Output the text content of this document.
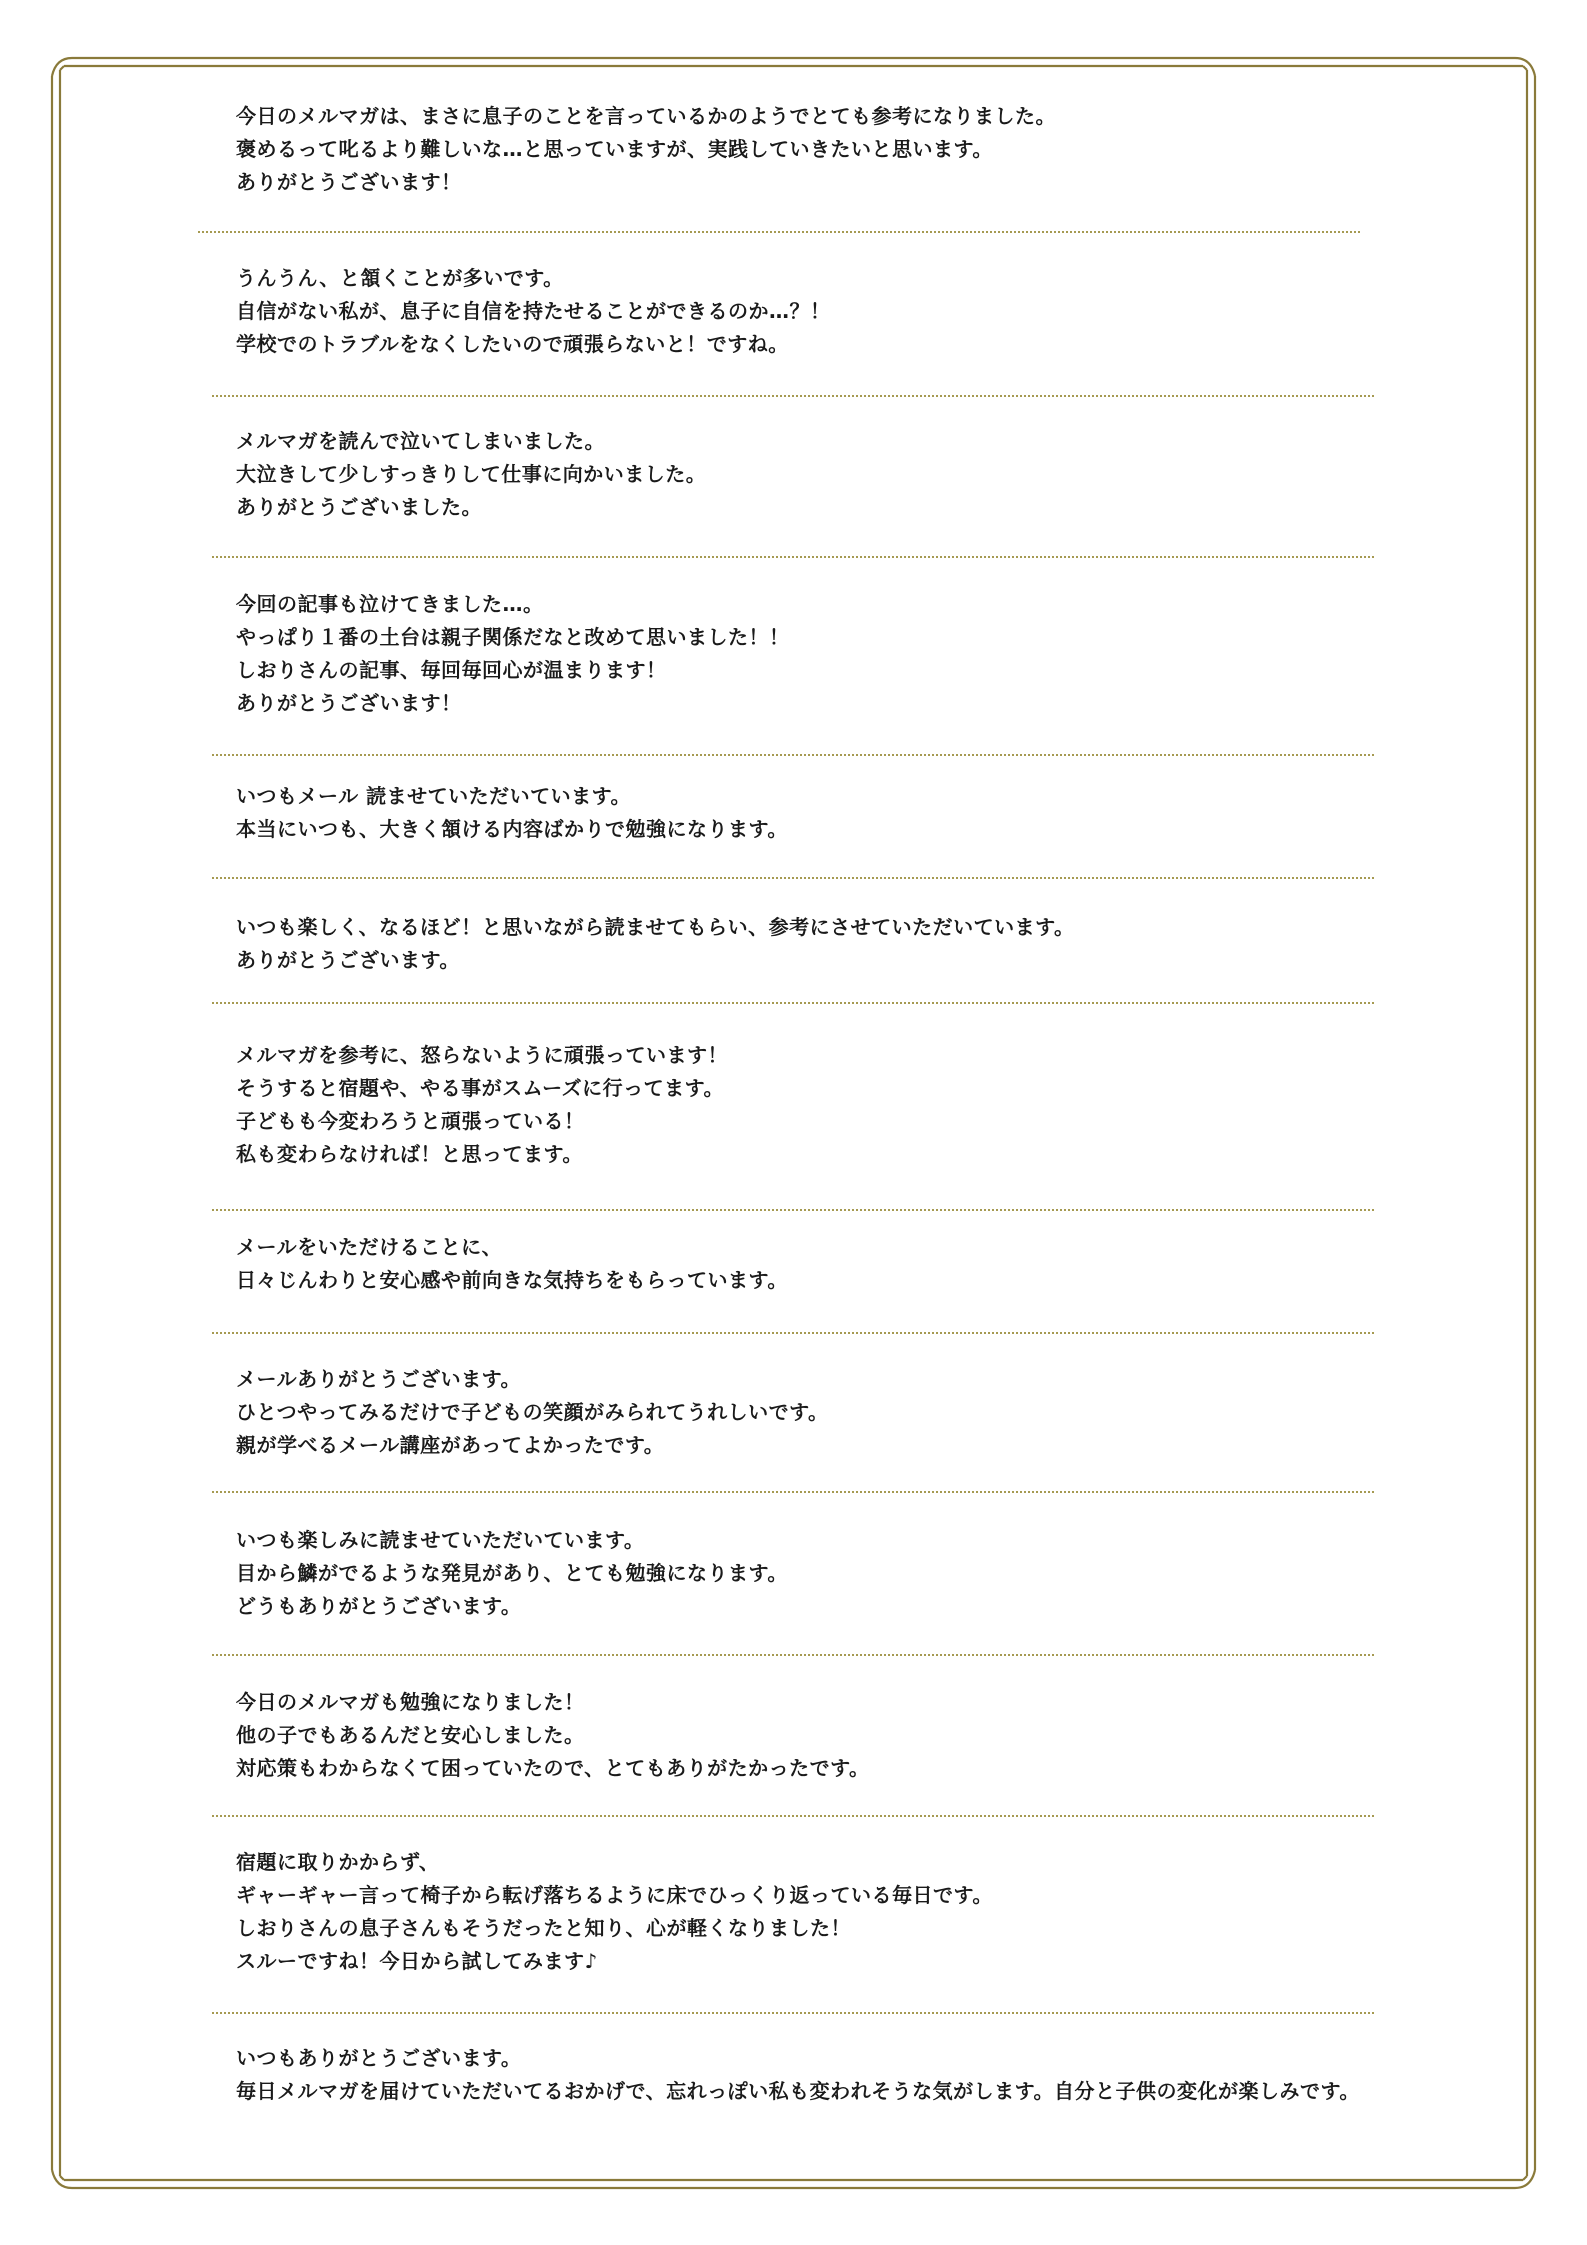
今日のメルマガは、まさに息子のことを言っているかのようでとても参考になりました。
褒めるって叱るより難しいな…と思っていますが、実践していきたいと思います。
ありがとうございます！
うんうん、と頷くことが多いです。
自信がない私が、息子に自信を持たせることができるのか…？！
学校でのトラブルをなくしたいので頑張らないと！ですね。
メルマガを読んで泣いてしまいました。
大泣きして少しすっきりして仕事に向かいました。
ありがとうございました。
今回の記事も泣けてきました…。
やっぱり１番の土台は親子関係だなと改めて思いました！！
しおりさんの記事、毎回毎回心が温まります！
ありがとうございます！
いつもメール 読ませていただいています。
本当にいつも、大きく頷ける内容ばかりで勉強になります。
いつも楽しく、なるほど！と思いながら読ませてもらい、参考にさせていただいています。
ありがとうございます。
メルマガを参考に、怒らないように頑張っています！
そうすると宿題や、やる事がスムーズに行ってます。
子どもも今変わろうと頑張っている！
私も変わらなければ！と思ってます。
メールをいただけることに、
日々じんわりと安心感や前向きな気持ちをもらっています。
メールありがとうございます。
ひとつやってみるだけで子どもの笑顔がみられてうれしいです。
親が学べるメール講座があってよかったです。
いつも楽しみに読ませていただいています。
目から鱗がでるような発見があり、とても勉強になります。
どうもありがとうございます。
今日のメルマガも勉強になりました！
他の子でもあるんだと安心しました。
対応策もわからなくて困っていたので、とてもありがたかったです。
宿題に取りかからず、
ギャーギャー言って椅子から転げ落ちるように床でひっくり返っている毎日です。
しおりさんの息子さんもそうだったと知り、心が軽くなりました！
スルーですね！今日から試してみます♪
いつもありがとうございます。
毎日メルマガを届けていただいてるおかげで、忘れっぽい私も変われそうな気がします。自分と子供の変化が楽しみです。
